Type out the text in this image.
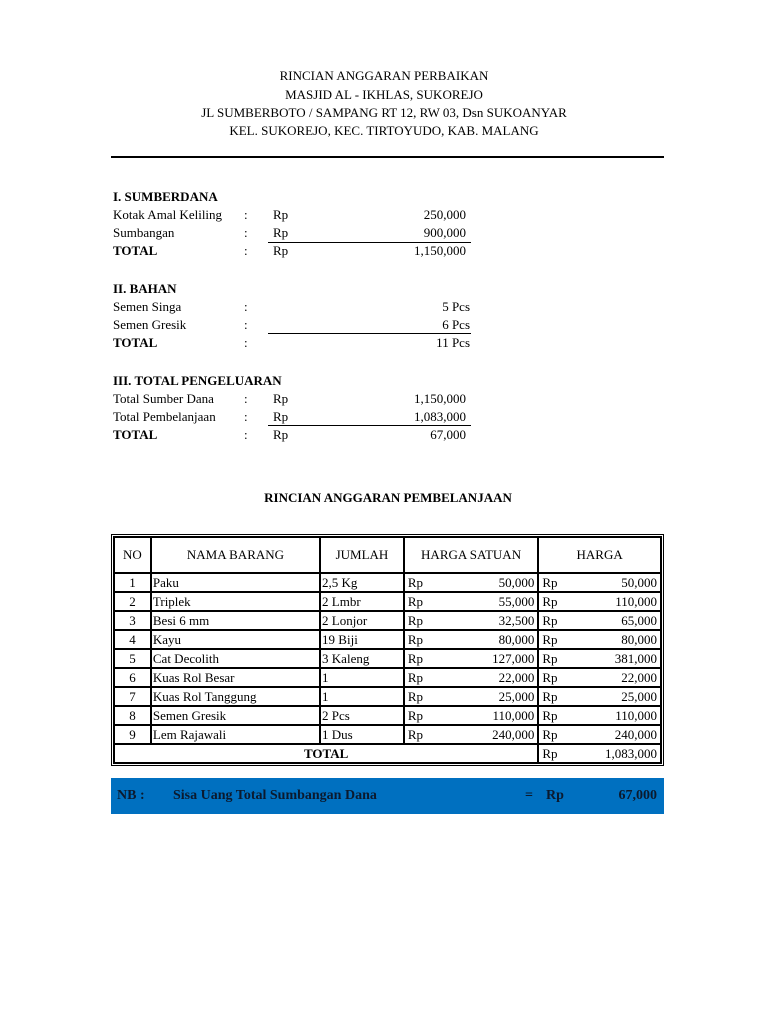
RINCIAN ANGGARAN PERBAIKAN
MASJID AL - IKHLAS, SUKOREJO
JL SUMBERBOTO / SAMPANG RT 12, RW 03, Dsn SUKOANYAR
KEL. SUKOREJO, KEC. TIRTOYUDO, KAB. MALANG
I. SUMBERDANA
Kotak Amal Keliling : Rp	250,000
Sumbangan	: Rp	900,000
TOTAL	: Rp	1,150,000
II. BAHAN
Semen Singa	:	5 Pcs
Semen Gresik	:	6 Pcs
TOTAL	:	11 Pcs
III. TOTAL PENGELUARAN
Total Sumber Dana : Rp	1,150,000
Total Pembelanjaan : Rp	1,083,000
TOTAL	: Rp	67,000
RINCIAN ANGGARAN PEMBELANJAAN
NO	NAMA BARANG	JUMLAH	HARGA SATUAN	HARGA
1	Paku	2,5 Kg	Rp 50,000	Rp 50,000

2	Triplek	2 Lmbr	Rp 55,000	Rp 110,000

3	Besi 6 mm	2 Lonjor	Rp 32,500	Rp 65,000

4	Kayu	19 Biji	Rp 80,000	Rp 80,000

5	Cat Decolith	3 Kaleng	Rp 127,000	Rp 381,000

6	Kuas Rol Besar	1	Rp 22,000	Rp 22,000

7	Kuas Rol Tanggung	1	Rp 25,000	Rp 25,000

8	Semen Gresik	2 Pcs	Rp 110,000	Rp 110,000

9	Lem Rajawali	1 Dus	Rp 240,000	Rp 240,000

TOTAL				Rp 1,083,000
NB : Sisa Uang Total Sumbangan Dana	= Rp	67,000
